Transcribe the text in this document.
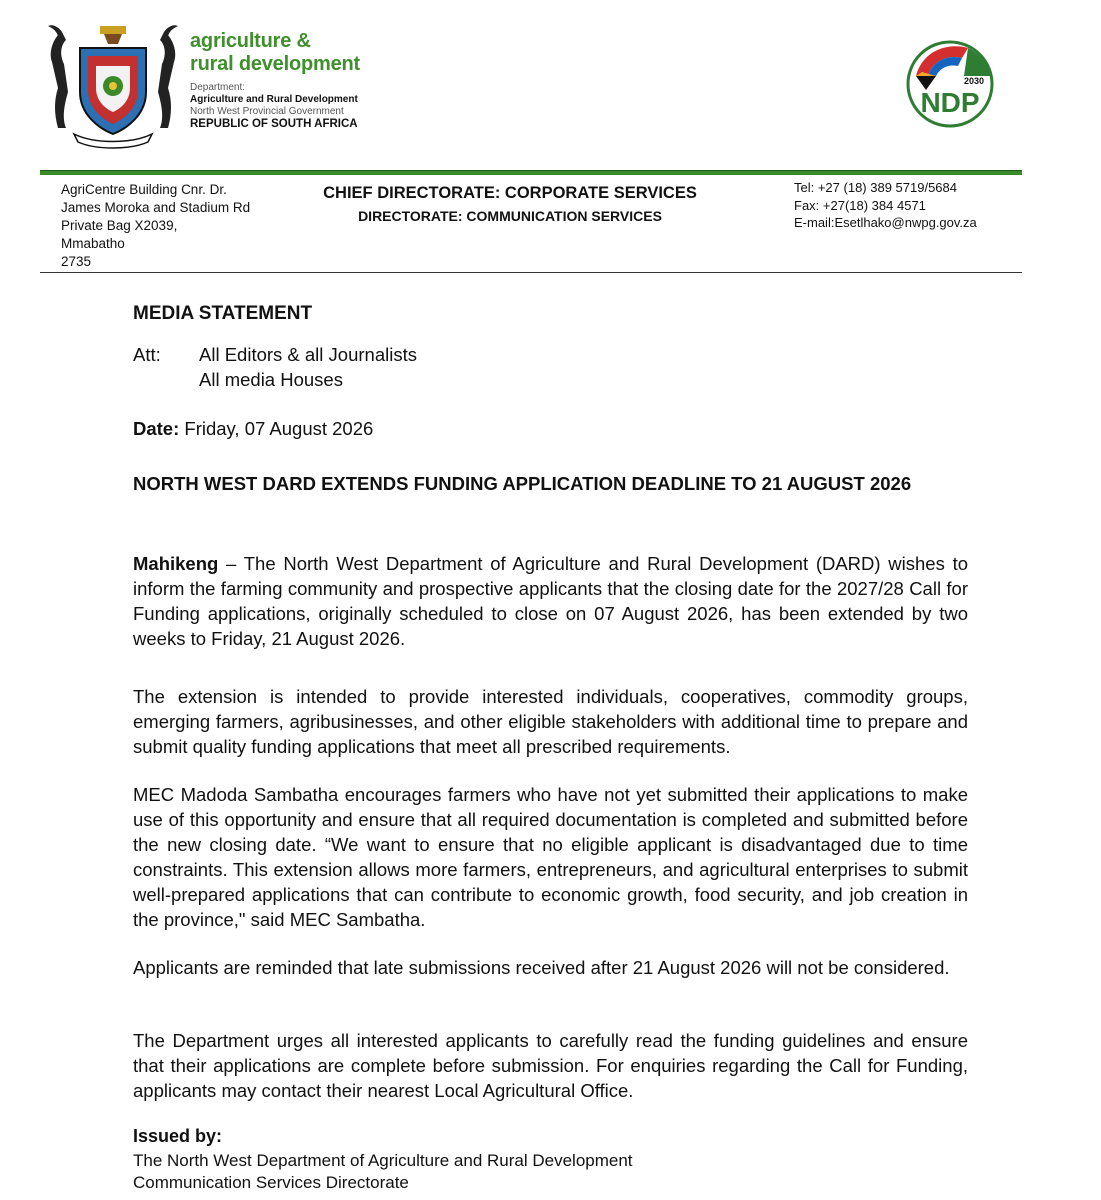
agriculture &
rural development
Department:
Agriculture and Rural Development
North West Provincial Government
REPUBLIC OF SOUTH AFRICA
2030
NDP
AgriCentre Building Cnr. Dr.
James Moroka and Stadium Rd
Private Bag X2039,
Mmabatho
2735
CHIEF DIRECTORATE: CORPORATE SERVICES
DIRECTORATE: COMMUNICATION SERVICES
Tel: +27 (18) 389 5719/5684
Fax: +27(18) 384 4571
E-mail:Esetlhako@nwpg.gov.za
MEDIA STATEMENT
Att: All Editors & all Journalists
All media Houses
Date: Friday, 07 August 2026
NORTH WEST DARD EXTENDS FUNDING APPLICATION DEADLINE TO 21 AUGUST 2026
Mahikeng – The North West Department of Agriculture and Rural Development (DARD) wishes to inform the farming community and prospective applicants that the closing date for the 2027/28 Call for Funding applications, originally scheduled to close on 07 August 2026, has been extended by two weeks to Friday, 21 August 2026.
The extension is intended to provide interested individuals, cooperatives, commodity groups, emerging farmers, agribusinesses, and other eligible stakeholders with additional time to prepare and submit quality funding applications that meet all prescribed requirements.
MEC Madoda Sambatha encourages farmers who have not yet submitted their applications to make use of this opportunity and ensure that all required documentation is completed and submitted before the new closing date. “We want to ensure that no eligible applicant is disadvantaged due to time constraints. This extension allows more farmers, entrepreneurs, and agricultural enterprises to submit well-prepared applications that can contribute to economic growth, food security, and job creation in the province," said MEC Sambatha.
Applicants are reminded that late submissions received after 21 August 2026 will not be considered.
The Department urges all interested applicants to carefully read the funding guidelines and ensure that their applications are complete before submission. For enquiries regarding the Call for Funding, applicants may contact their nearest Local Agricultural Office.
Issued by:
The North West Department of Agriculture and Rural Development
Communication Services Directorate
